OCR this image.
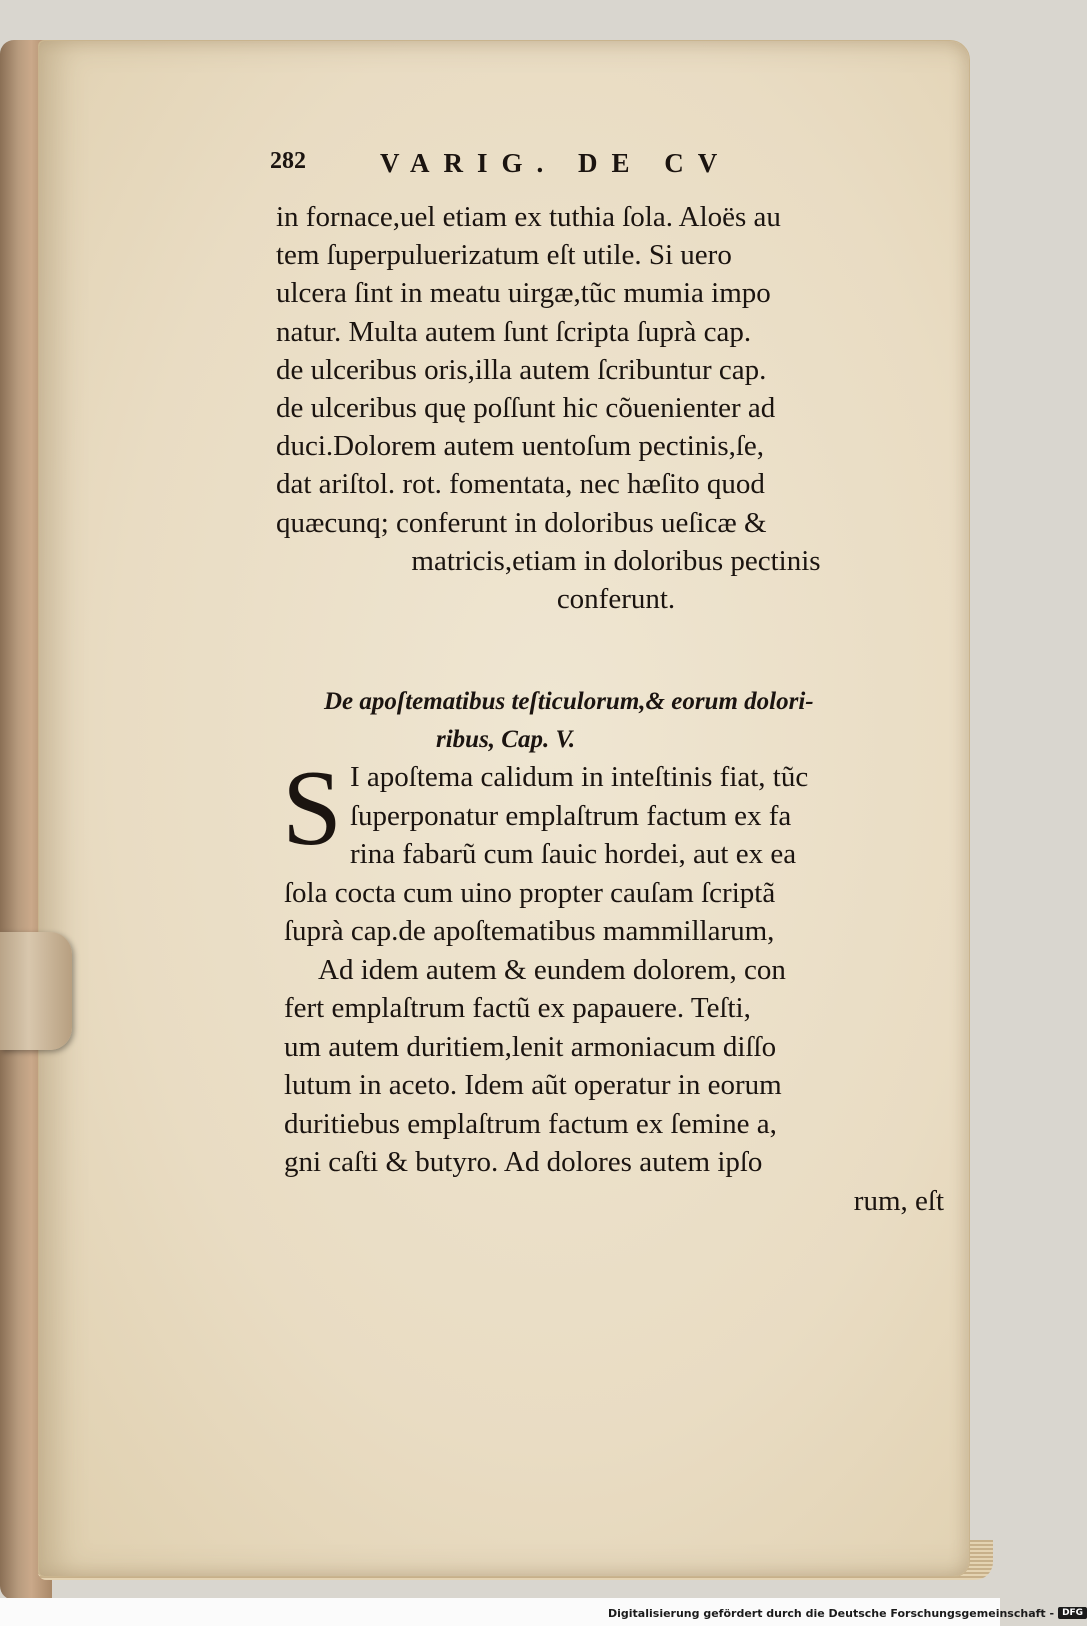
282	VARIG. DE CV
in fornace,uel etiam ex tuthia ſola. Aloës au
tem ſuperpuluerizatum eſt utile. Si uero
ulcera ſint in meatu uirgæ,tũc mumia impo
natur. Multa autem ſunt ſcripta ſuprà cap.
de ulceribus oris,illa autem ſcribuntur cap.
de ulceribus quę poſſunt hic cõuenienter ad
duci.Dolorem autem uentoſum pectinis,ſe,
dat ariſtol. rot. fomentata, nec hæſito quod
quæcunq; conferunt in doloribus ueſicæ &
matricis,etiam in doloribus pectinis
conferunt.
De apoſtematibus teſticulorum,& eorum dolori-
ribus, Cap. V.
S I apoſtema calidum in inteſtinis fiat, tũc
ſuperponatur emplaſtrum factum ex fa
rina fabarũ cum ſauic hordei, aut ex ea
ſola cocta cum uino propter cauſam ſcriptã
ſuprà cap.de apoſtematibus mammillarum,
Ad idem autem & eundem dolorem, con
fert emplaſtrum factũ ex papauere. Teſti,
um autem duritiem,lenit armoniacum diſſo
lutum in aceto. Idem aũt operatur in eorum
duritiebus emplaſtrum factum ex ſemine a,
gni caſti & butyro. Ad dolores autem ipſo
rum, eſt
Digitalisierung gefördert durch die Deutsche Forschungsgemeinschaft - DFG
